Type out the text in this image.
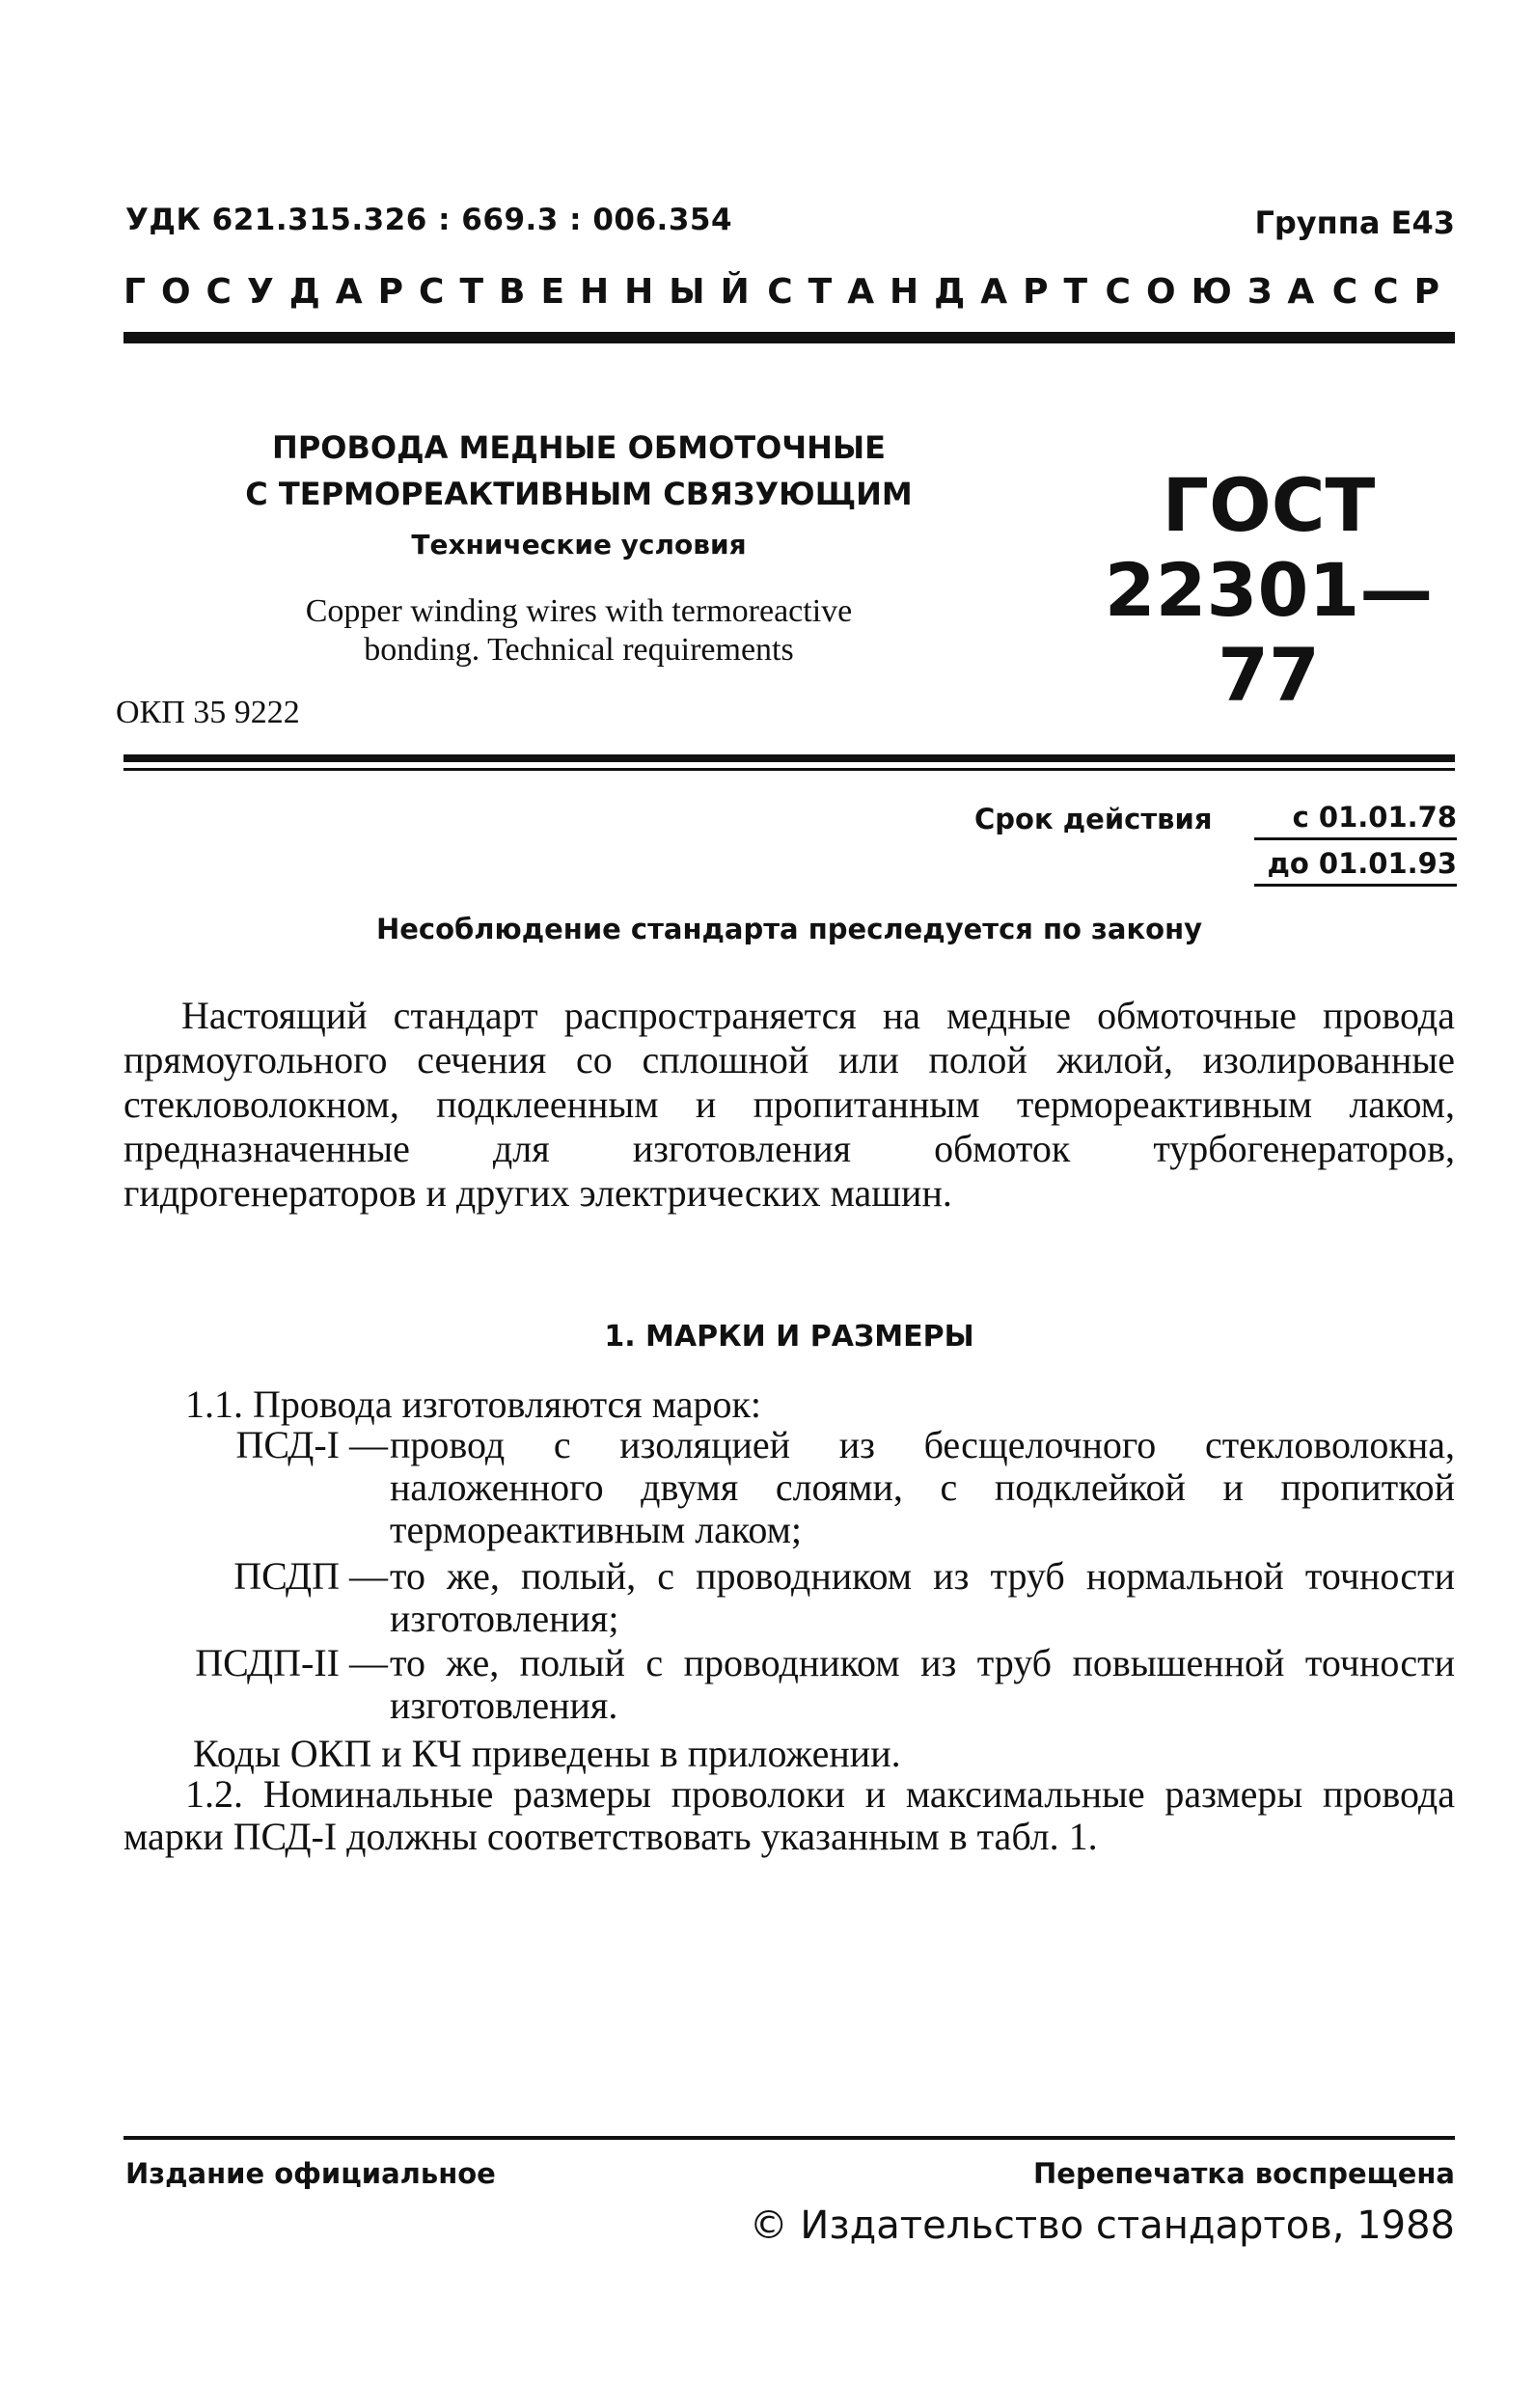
УДК 621.315.326 : 669.3 : 006.354	Группа Е43
ГОСУДАРСТВЕННЫЙ СТАНДАРТ СОЮЗА ССР
ПРОВОДА МЕДНЫЕ ОБМОТОЧНЫЕ
С ТЕРМОРЕАКТИВНЫМ СВЯЗУЮЩИМ
Технические условия
Copper winding wires with termoreactive
bonding. Technical requirements
ГОСТ
22301—77
ОКП 35 9222
Срок действия	с 01.01.78
до 01.01.93
Несоблюдение стандарта преследуется по закону

Настоящий стандарт распространяется на медные обмоточные провода прямоугольного сечения со сплошной или полой жилой, изолированные стекловолокном, подклеенным и пропитанным термореактивным лаком, предназначенные для изготовления обмоток турбогенераторов, гидрогенераторов и других электрических машин.

1. МАРКИ И РАЗМЕРЫ

1.1. Провода изготовляются марок:

ПСД-I — провод с изоляцией из бесщелочного стекловолокна, наложенного двумя слоями, с подклейкой и пропиткой термореактивным лаком;

ПСДП — то же, полый, с проводником из труб нормальной точности изготовления;

ПСДП-II — то же, полый с проводником из труб повышенной точности изготовления.

Коды ОКП и КЧ приведены в приложении.

1.2. Номинальные размеры проволоки и максимальные размеры провода марки ПСД-I должны соответствовать указанным в табл. 1.

Издание официальное	Перепечатка воспрещена
© Издательство стандартов, 1988
